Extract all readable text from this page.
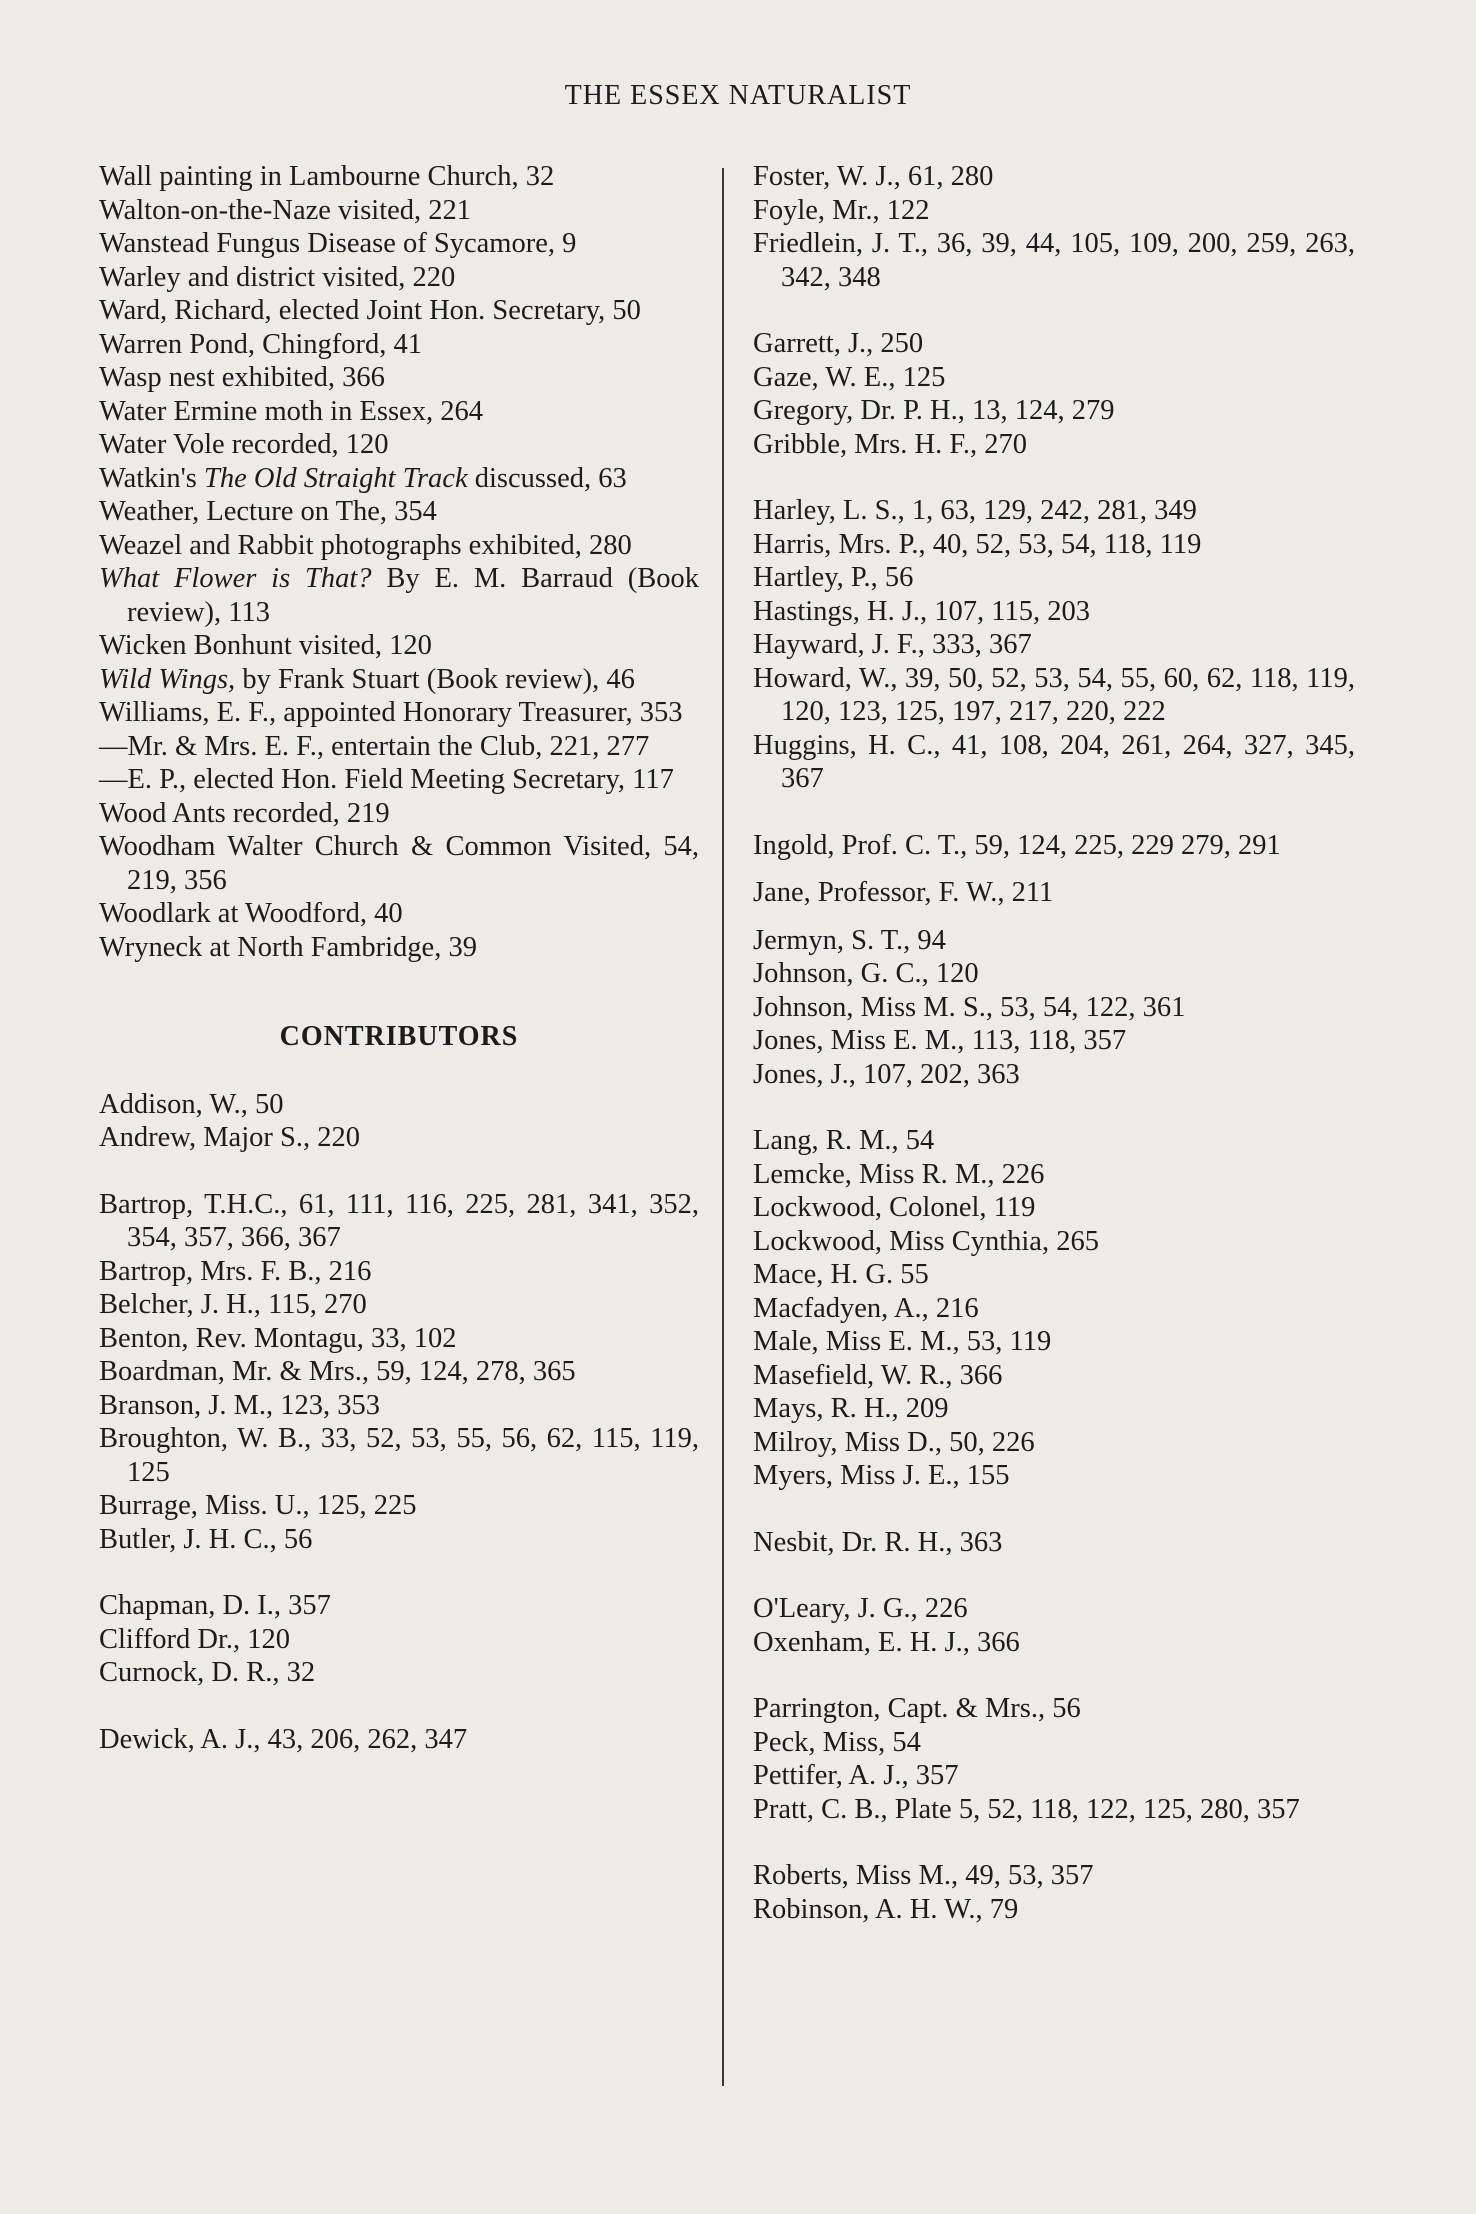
THE ESSEX NATURALIST
Wall painting in Lambourne Church, 32
Walton-on-the-Naze visited, 221
Wanstead Fungus Disease of Sycamore, 9
Warley and district visited, 220
Ward, Richard, elected Joint Hon. Secretary, 50
Warren Pond, Chingford, 41
Wasp nest exhibited, 366
Water Ermine moth in Essex, 264
Water Vole recorded, 120
Watkin's The Old Straight Track discussed, 63
Weather, Lecture on The, 354
Weazel and Rabbit photographs exhibited, 280
What Flower is That? By E. M. Barraud (Book review), 113
Wicken Bonhunt visited, 120
Wild Wings, by Frank Stuart (Book review), 46
Williams, E. F., appointed Honorary Treasurer, 353
—Mr. & Mrs. E. F., entertain the Club, 221, 277
—E. P., elected Hon. Field Meeting Secretary, 117
Wood Ants recorded, 219
Woodham Walter Church & Common Visited, 54, 219, 356
Woodlark at Woodford, 40
Wryneck at North Fambridge, 39
CONTRIBUTORS
Addison, W., 50
Andrew, Major S., 220
Bartrop, T.H.C., 61, 111, 116, 225, 281, 341, 352, 354, 357, 366, 367
Bartrop, Mrs. F. B., 216
Belcher, J. H., 115, 270
Benton, Rev. Montagu, 33, 102
Boardman, Mr. & Mrs., 59, 124, 278, 365
Branson, J. M., 123, 353
Broughton, W. B., 33, 52, 53, 55, 56, 62, 115, 119, 125
Burrage, Miss. U., 125, 225
Butler, J. H. C., 56
Chapman, D. I., 357
Clifford Dr., 120
Curnock, D. R., 32
Dewick, A. J., 43, 206, 262, 347
Foster, W. J., 61, 280
Foyle, Mr., 122
Friedlein, J. T., 36, 39, 44, 105, 109, 200, 259, 263, 342, 348
Garrett, J., 250
Gaze, W. E., 125
Gregory, Dr. P. H., 13, 124, 279
Gribble, Mrs. H. F., 270
Harley, L. S., 1, 63, 129, 242, 281, 349
Harris, Mrs. P., 40, 52, 53, 54, 118, 119
Hartley, P., 56
Hastings, H. J., 107, 115, 203
Hayward, J. F., 333, 367
Howard, W., 39, 50, 52, 53, 54, 55, 60, 62, 118, 119, 120, 123, 125, 197, 217, 220, 222
Huggins, H. C., 41, 108, 204, 261, 264, 327, 345, 367
Ingold, Prof. C. T., 59, 124, 225, 229 279, 291
Jane, Professor, F. W., 211
Jermyn, S. T., 94
Johnson, G. C., 120
Johnson, Miss M. S., 53, 54, 122, 361
Jones, Miss E. M., 113, 118, 357
Jones, J., 107, 202, 363
Lang, R. M., 54
Lemcke, Miss R. M., 226
Lockwood, Colonel, 119
Lockwood, Miss Cynthia, 265
Mace, H. G. 55
Macfadyen, A., 216
Male, Miss E. M., 53, 119
Masefield, W. R., 366
Mays, R. H., 209
Milroy, Miss D., 50, 226
Myers, Miss J. E., 155
Nesbit, Dr. R. H., 363
O'Leary, J. G., 226
Oxenham, E. H. J., 366
Parrington, Capt. & Mrs., 56
Peck, Miss, 54
Pettifer, A. J., 357
Pratt, C. B., Plate 5, 52, 118, 122, 125, 280, 357
Roberts, Miss M., 49, 53, 357
Robinson, A. H. W., 79
